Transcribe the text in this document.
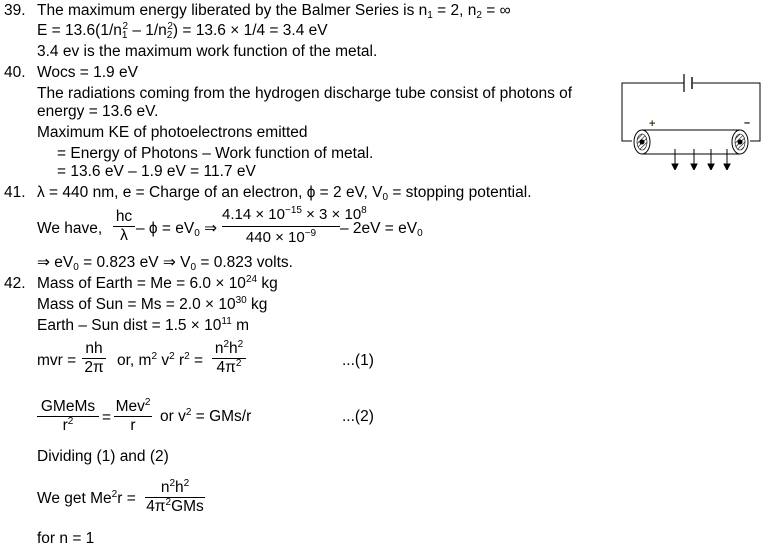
39. The maximum energy liberated by the Balmer Series is $n_1 = 2$, $n_2$ = ∞
$E = 13.6(1/n_1^2 - 1/n_2^2) = 13.6 \times 1/4 = 3.4$ eV
3.4 ev is the maximum work function of the metal.
40. Wocs = 1.9 eV
The radiations coming from the hydrogen discharge tube consist of photons of
energy = 13.6 eV.
Maximum KE of photoelectrons emitted
= Energy of Photons – Work function of metal.
= 13.6 eV – 1.9 eV = 11.7 eV
+	–
41. λ = 440 nm, e = Charge of an electron, ϕ = 2 eV, $V_0$ = stopping potential.
We have,
hc
$\lambda - \phi = eV_0$ ⇒
$4.14 \times 10^{-15} \times 3 \times 10^8$
$440 \times 10^{-9}$	– $2eV = eV_0$
⇒ $eV_0 = 0.823$ eV ⇒ $V_0 = 0.823$ volts.
42. Mass of Earth = $Me = 6.0 \times 10^{24}$ kg
Mass of Sun = $Ms = 2.0 \times 10^{30}$ kg
Earth – Sun dist = $1.5 \times 10^{11}$ m
mvr =
nh
2π or, $m^2$ $v^2$ $r^2$ =
$n^2h^2$
$4\pi^2$	...(1)
GMeMs
$r^2$	=
Mev$^2$
r
or $v^2 = GMs/r$	...(2)
Dividing (1) and (2)
We get $Me^2r$ =
$n^2h^2$
$4\pi^2GMs$
for n = 1
